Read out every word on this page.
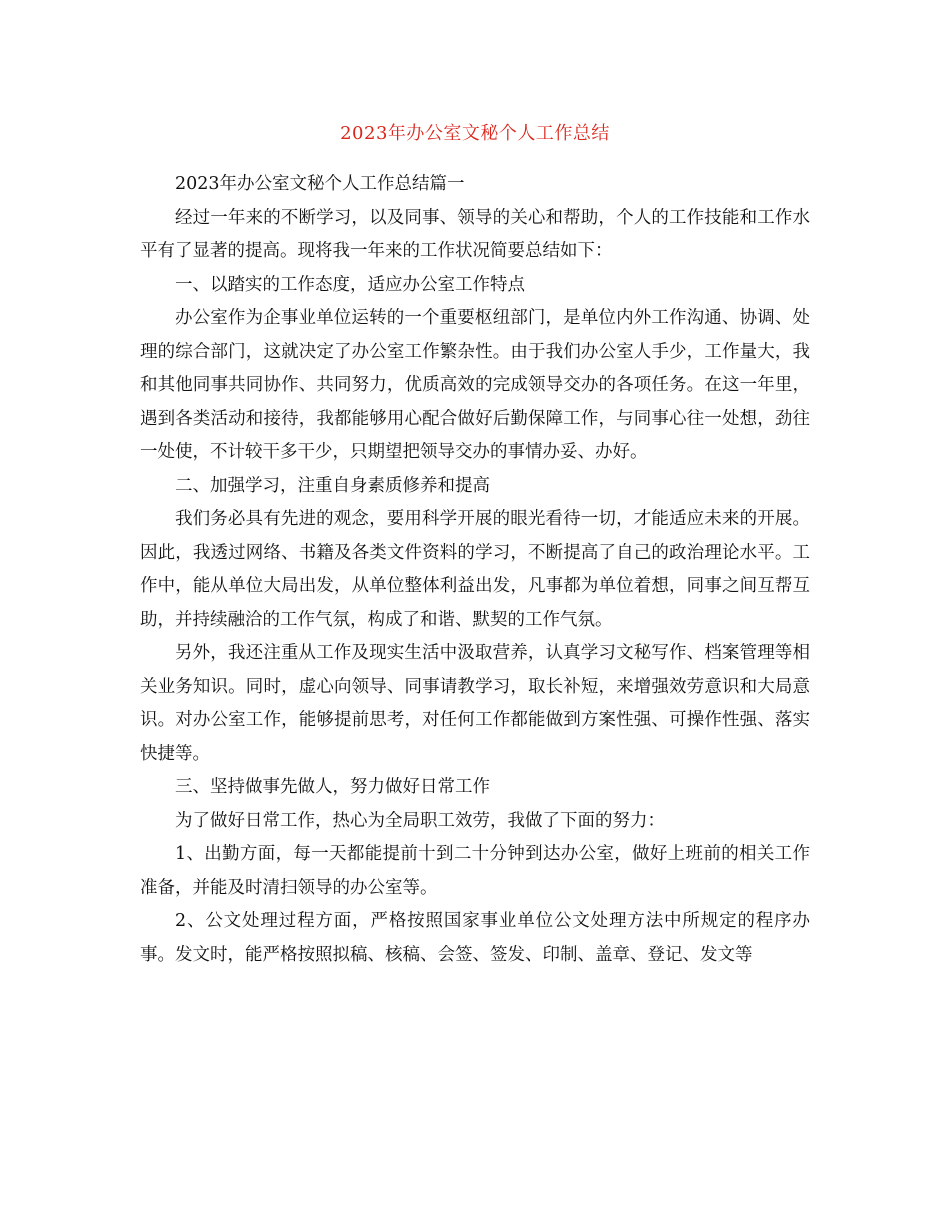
2023年办公室文秘个人工作总结

2023年办公室文秘个人工作总结篇一

经过一年来的不断学习，以及同事、领导的关心和帮助，个人的工作技能和工作水平有了显著的提高。现将我一年来的工作状况简要总结如下：

一、以踏实的工作态度，适应办公室工作特点

办公室作为企事业单位运转的一个重要枢纽部门，是单位内外工作沟通、协调、处理的综合部门，这就决定了办公室工作繁杂性。由于我们办公室人手少，工作量大，我和其他同事共同协作、共同努力，优质高效的完成领导交办的各项任务。在这一年里，遇到各类活动和接待，我都能够用心配合做好后勤保障工作，与同事心往一处想，劲往一处使，不计较干多干少，只期望把领导交办的事情办妥、办好。

二、加强学习，注重自身素质修养和提高

我们务必具有先进的观念，要用科学开展的眼光看待一切，才能适应未来的开展。因此，我透过网络、书籍及各类文件资料的学习，不断提高了自己的政治理论水平。工作中，能从单位大局出发，从单位整体利益出发，凡事都为单位着想，同事之间互帮互助，并持续融洽的工作气氛，构成了和谐、默契的工作气氛。

另外，我还注重从工作及现实生活中汲取营养，认真学习文秘写作、档案管理等相关业务知识。同时，虚心向领导、同事请教学习，取长补短，来增强效劳意识和大局意识。对办公室工作，能够提前思考，对任何工作都能做到方案性强、可操作性强、落实快捷等。

三、坚持做事先做人，努力做好日常工作

为了做好日常工作，热心为全局职工效劳，我做了下面的努力：

1、出勤方面，每一天都能提前十到二十分钟到达办公室，做好上班前的相关工作准备，并能及时清扫领导的办公室等。

2、公文处理过程方面，严格按照国家事业单位公文处理方法中所规定的程序办事。发文时，能严格按照拟稿、核稿、会签、签发、印制、盖章、登记、发文等
